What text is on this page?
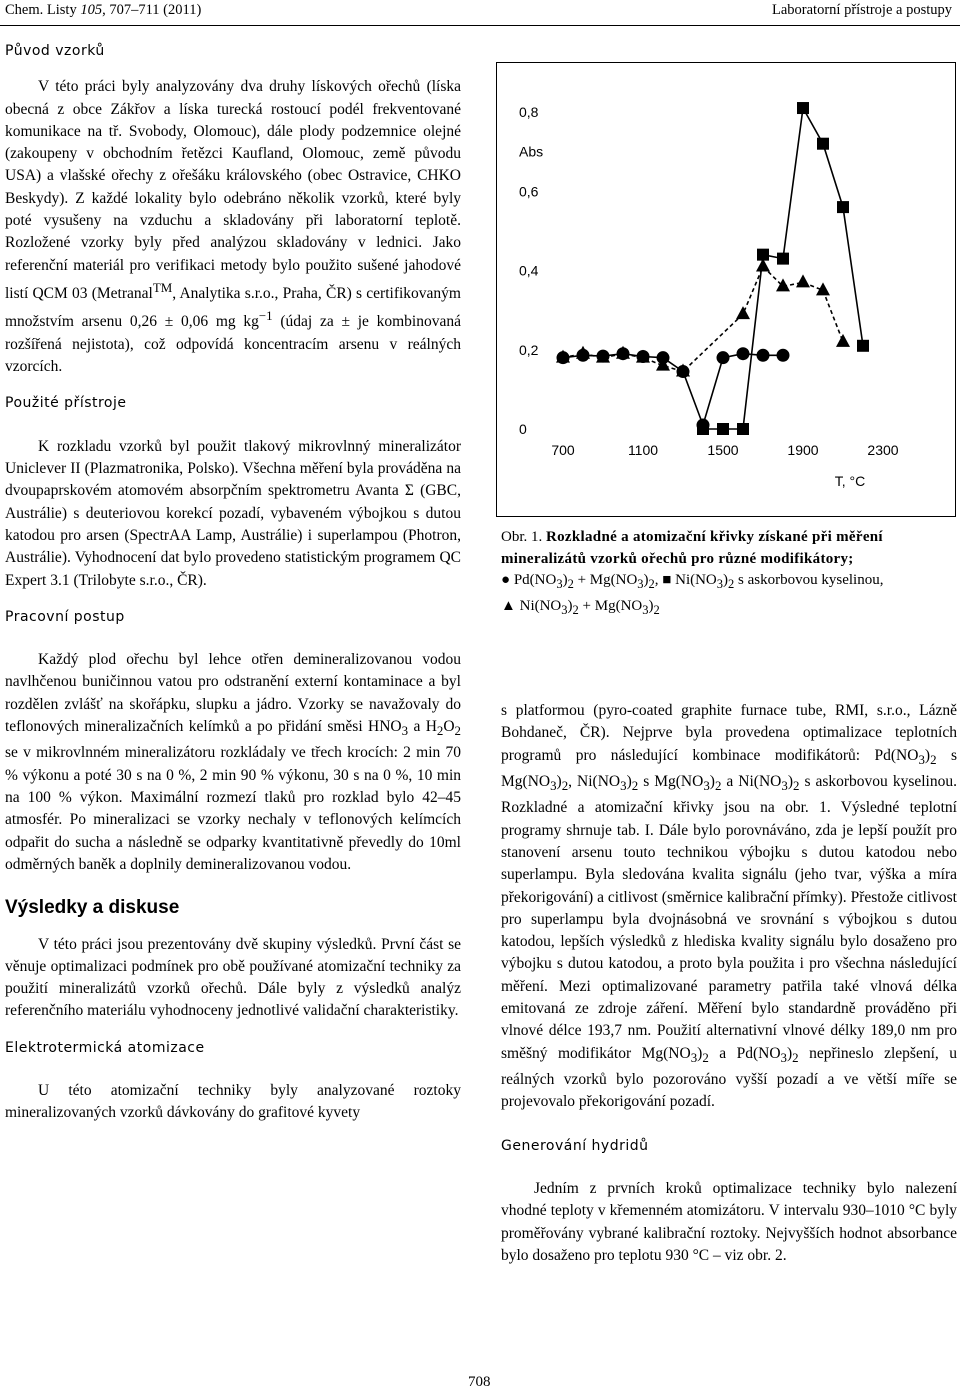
Chem. Listy 105, 707–711 (2011)	Laboratorní přístroje a postupy
Původ vzorků

V této práci byly analyzovány dva druhy lískových ořechů (líska obecná z obce Zákřov a líska turecká rostoucí podél frekventované komunikace na tř. Svobody, Olomouc), dále plody podzemnice olejné (zakoupeny v obchodním řetězci Kaufland, Olomouc, země původu USA) a vlašské ořechy z ořešáku královského (obec Ostravice, CHKO Beskydy). Z každé lokality bylo odebráno několik vzorků, které byly poté vysušeny na vzduchu a skladovány při laboratorní teplotě. Rozložené vzorky byly před analýzou skladovány v lednici. Jako referenční materiál pro verifikaci metody bylo použito sušené jahodové listí QCM 03 (Metranal™, Analytika s.r.o., Praha, ČR) s certifikovaným množstvím arsenu 0,26 ± 0,06 mg $kg^{-1}$ (údaj za ± je kombinovaná rozšířená nejistota), což odpovídá koncentracím arsenu v reálných vzorcích.

Použité přístroje

K rozkladu vzorků byl použit tlakový mikrovlnný mineralizátor Uniclever II (Plazmatronika, Polsko). Všechna měření byla prováděna na dvoupaprskovém atomovém absorpčním spektrometru Avanta Σ (GBC, Austrálie) s deuteriovou korekcí pozadí, vybaveném výbojkou s dutou katodou pro arsen (SpectrAA Lamp, Austrálie) i superlampou (Photron, Austrálie). Vyhodnocení dat bylo provedeno statistickým programem QC Expert 3.1 (Trilobyte s.r.o., ČR).

Pracovní postup

Každý plod ořechu byl lehce otřen demineralizovanou vodou navlhčenou buničinnou vatou pro odstranění externí kontaminace a byl rozdělen zvlášť na skořápku, slupku a jádro. Vzorky se navažovaly do teflonových mineralizačních kelímků a po přidání směsi $HNO_3$ a $H_2O_2$ se v mikrovlnném mineralizátoru rozkládaly ve třech krocích: 2 min 70 % výkonu a poté 30 s na 0 %, 2 min 90 % výkonu, 30 s na 0 %, 10 min na 100 % výkon. Maximální rozmezí tlaků pro rozklad bylo 42–45 atmosfér. Po mineralizaci se vzorky nechaly v teflonových kelímcích odpařit do sucha a následně se odparky kvantitativně převedly do 10ml odměrných baněk a doplnily demineralizovanou vodou.

Výsledky a diskuse

V této práci jsou prezentovány dvě skupiny výsledků. První část se věnuje optimalizaci podmínek pro obě používané atomizační techniky za použití mineralizátů vzorků ořechů. Dále byly z výsledků analýz referenčního materiálu vyhodnoceny jednotlivé validační charakteristiky.

Elektrotermická atomizace

U této atomizační techniky byly analyzované roztoky mineralizovaných vzorků dávkovány do grafitové kyvety

0
0,2
0,4
0,6
0,8
Abs
700	1100	1500	1900	2300
T, °C
Obr. 1. Rozkladné a atomizační křivky získané při měření mineralizátů vzorků ořechů pro různé modifikátory;
● $Pd(NO_3)_2 + Mg(NO_3)_2$, ■ $Ni(NO_3)_2$ s askorbovou kyselinou,
▲ $Ni(NO_3)_2 + Mg(NO_3)_2$

s platformou (pyro-coated graphite furnace tube, RMI, s.r.o., Lázně Bohdaneč, ČR). Nejprve byla provedena optimalizace teplotních programů pro následující kombinace modifikátorů: $Pd(NO_3)_2$ s $Mg(NO_3)_2$, $Ni(NO_3)_2$ s $Mg(NO_3)_2$ a $Ni(NO_3)_2$ s askorbovou kyselinou. Rozkladné a atomizační křivky jsou na obr. 1. Výsledné teplotní programy shrnuje tab. I. Dále bylo porovnáváno, zda je lepší použít pro stanovení arsenu touto technikou výbojku s dutou katodou nebo superlampu. Byla sledována kvalita signálu (jeho tvar, výška a míra překorigování) a citlivost (směrnice kalibrační přímky). Přestože citlivost pro superlampu byla dvojnásobná ve srovnání s výbojkou s dutou katodou, lepších výsledků z hlediska kvality signálu bylo dosaženo pro výbojku s dutou katodou, a proto byla použita i pro všechna následující měření. Mezi optimalizované parametry patřila také vlnová délka emitovaná ze zdroje záření. Měření bylo standardně prováděno při vlnové délce 193,7 nm. Použití alternativní vlnové délky 189,0 nm pro směšný modifikátor $Mg(NO_3)_2$ a $Pd(NO_3)_2$ nepřineslo zlepšení, u reálných vzorků bylo pozorováno vyšší pozadí a ve větší míře se projevovalo překorigování pozadí.

Generování hydridů

Jedním z prvních kroků optimalizace techniky bylo nalezení vhodné teploty v křemenném atomizátoru. V intervalu 930–1010 °C byly proměřovány vybrané kalibrační roztoky. Nejvyšších hodnot absorbance bylo dosaženo pro teplotu 930 °C – viz obr. 2.

708
